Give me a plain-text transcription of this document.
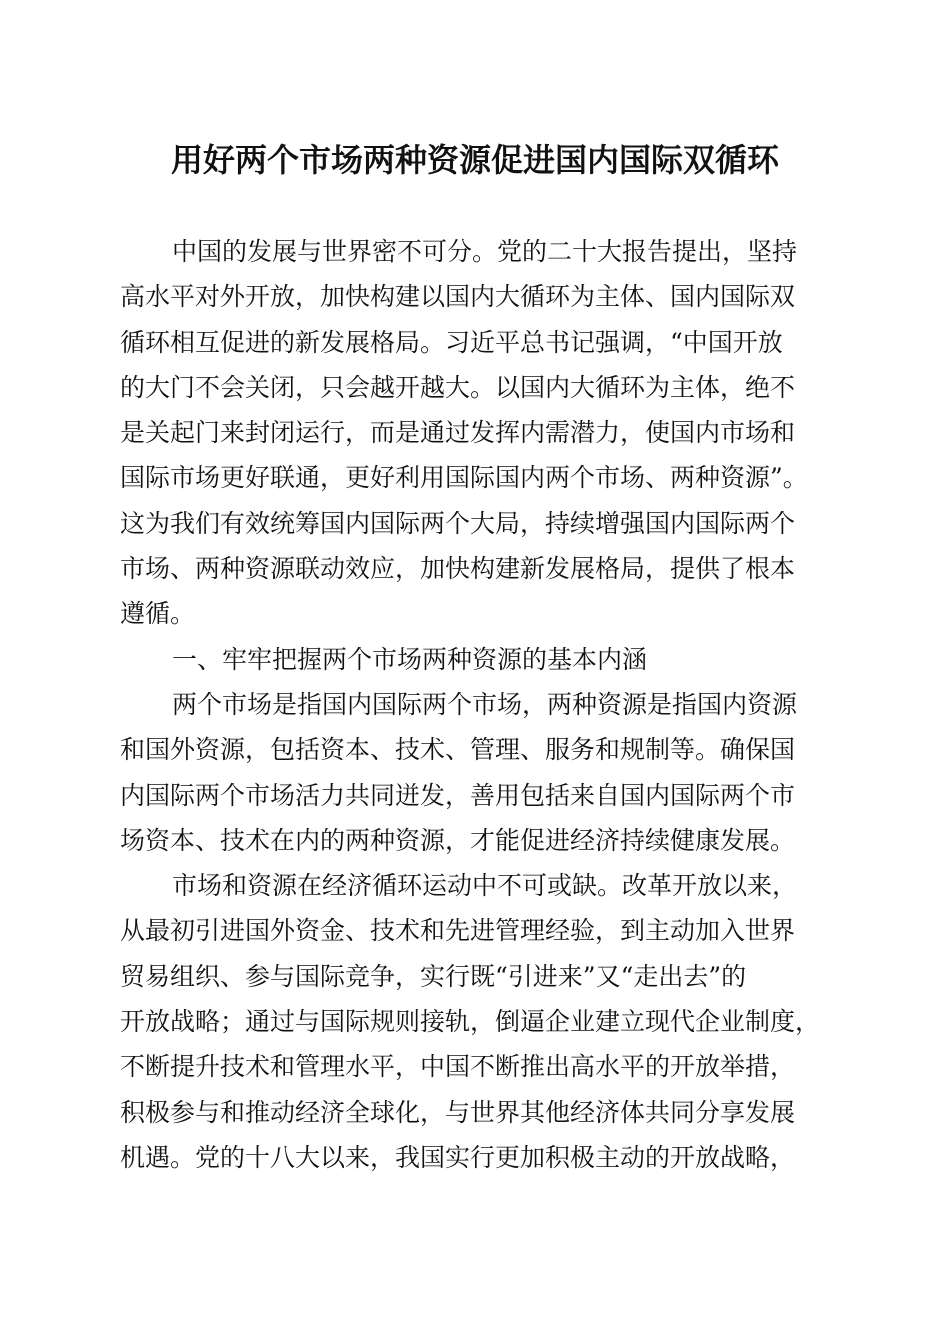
用好两个市场两种资源促进国内国际双循环
中国的发展与世界密不可分。党的二十大报告提出，坚持
高水平对外开放，加快构建以国内大循环为主体、国内国际双
循环相互促进的新发展格局。习近平总书记强调，“中国开放
的大门不会关闭，只会越开越大。以国内大循环为主体，绝不
是关起门来封闭运行，而是通过发挥内需潜力，使国内市场和
国际市场更好联通，更好利用国际国内两个市场、两种资源”。
这为我们有效统筹国内国际两个大局，持续增强国内国际两个
市场、两种资源联动效应，加快构建新发展格局，提供了根本
遵循。
一、牢牢把握两个市场两种资源的基本内涵
两个市场是指国内国际两个市场，两种资源是指国内资源
和国外资源，包括资本、技术、管理、服务和规制等。确保国
内国际两个市场活力共同迸发，善用包括来自国内国际两个市
场资本、技术在内的两种资源，才能促进经济持续健康发展。
市场和资源在经济循环运动中不可或缺。改革开放以来，
从最初引进国外资金、技术和先进管理经验，到主动加入世界
贸易组织、参与国际竞争，实行既“引进来”又“走出去”的
开放战略；通过与国际规则接轨，倒逼企业建立现代企业制度，
不断提升技术和管理水平，中国不断推出高水平的开放举措，
积极参与和推动经济全球化，与世界其他经济体共同分享发展
机遇。党的十八大以来，我国实行更加积极主动的开放战略，
